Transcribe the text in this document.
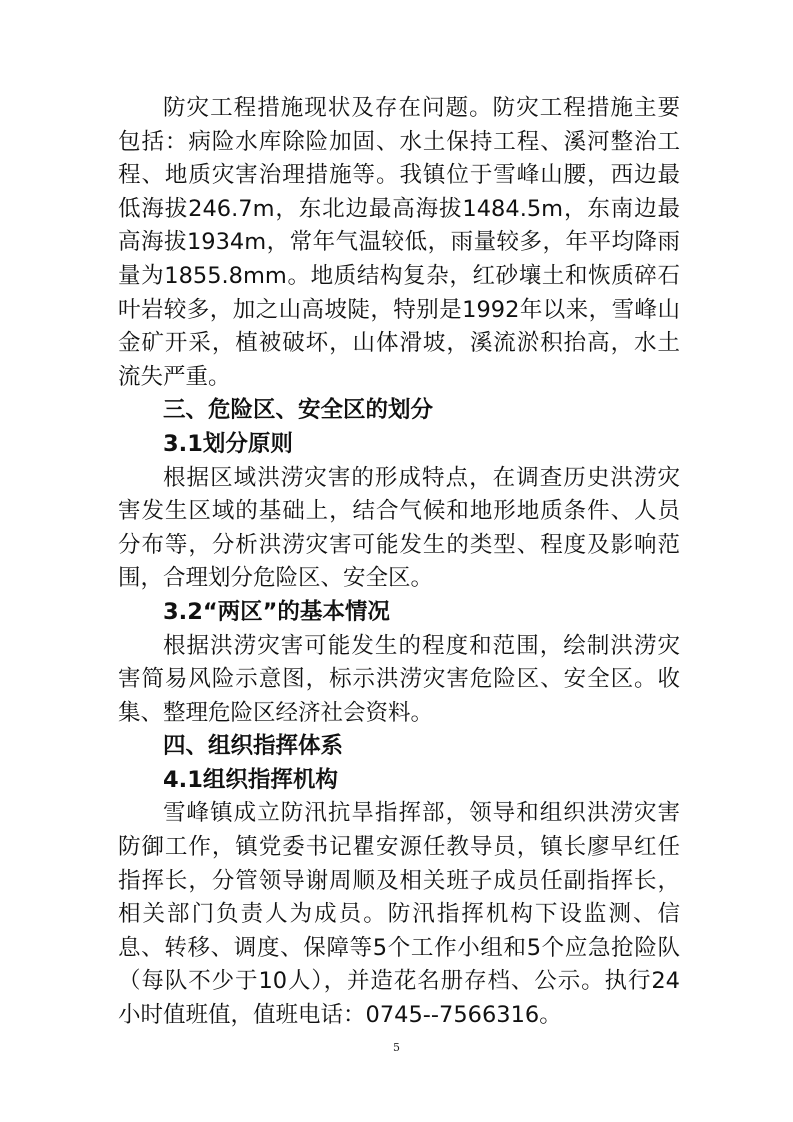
防灾工程措施现状及存在问题。防灾工程措施主要包括：病险水库除险加固、水土保持工程、溪河整治工程、地质灾害治理措施等。我镇位于雪峰山腰，西边最低海拔246.7m，东北边最高海拔1484.5m，东南边最高海拔1934m，常年气温较低，雨量较多，年平均降雨量为1855.8mm。地质结构复杂，红砂壤土和恢质碎石叶岩较多，加之山高坡陡，特别是1992年以来，雪峰山金矿开采，植被破坏，山体滑坡，溪流淤积抬高，水土流失严重。

三、危险区、安全区的划分

3.1划分原则

根据区域洪涝灾害的形成特点，在调查历史洪涝灾害发生区域的基础上，结合气候和地形地质条件、人员分布等，分析洪涝灾害可能发生的类型、程度及影响范围，合理划分危险区、安全区。

3.2“两区”的基本情况

根据洪涝灾害可能发生的程度和范围，绘制洪涝灾害简易风险示意图，标示洪涝灾害危险区、安全区。收集、整理危险区经济社会资料。

四、组织指挥体系

4.1组织指挥机构

雪峰镇成立防汛抗旱指挥部，领导和组织洪涝灾害防御工作，镇党委书记瞿安源任教导员，镇长廖早红任指挥长，分管领导谢周顺及相关班子成员任副指挥长，相关部门负责人为成员。防汛指挥机构下设监测、信息、转移、调度、保障等5个工作小组和5个应急抢险队（每队不少于10人），并造花名册存档、公示。执行24小时值班值，值班电话：0745--7566316。

5
